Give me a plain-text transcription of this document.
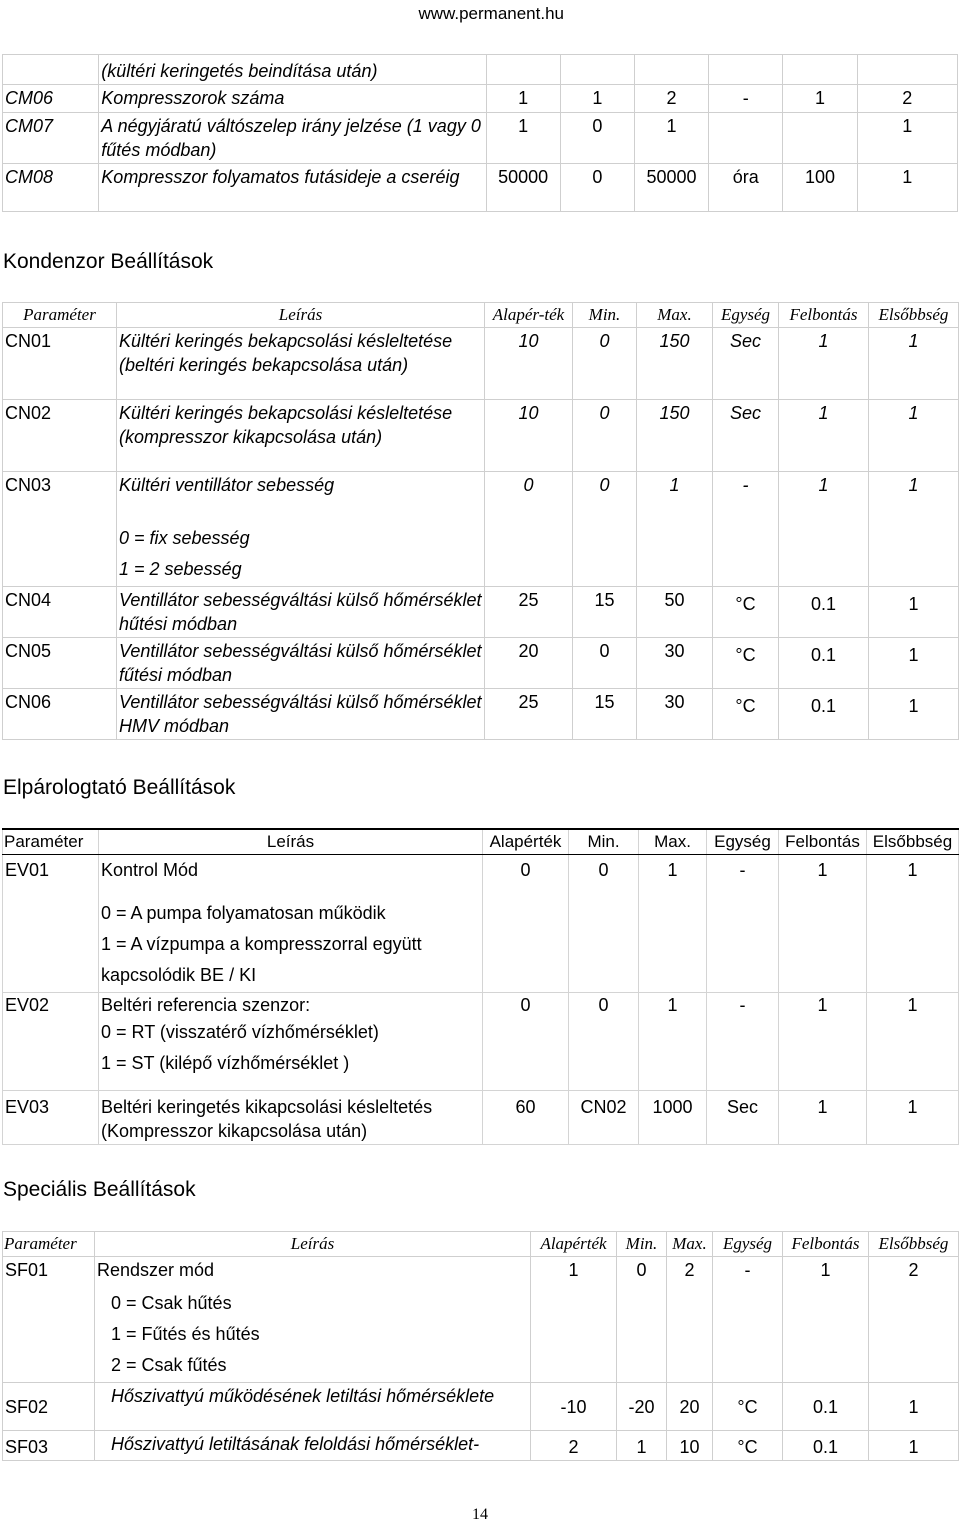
www.permanent.hu
	(kültéri keringetés beindítása után)						
CM06	Kompresszorok száma	1	1	2	-	1	2
CM07	A négyjáratú váltószelep irány jelzése (1 vagy 0 fűtés módban)	1	0	1			1
CM08	Kompresszor folyamatos futásideje a cseréig	50000	0	50000	óra	100	1
Kondenzor Beállítások
Paraméter	Leírás	Alapér-ték	Min.	Max.	Egység	Felbontás	Elsőbbség
CN01	Kültéri keringés bekapcsolási késleltetése (beltéri keringés bekapcsolása után)	10	0	150	Sec	1	1
CN02	Kültéri keringés bekapcsolási késleltetése (kompresszor kikapcsolása után)	10	0	150	Sec	1	1
CN03	Kültéri ventillátor sebesség
0 = fix sebesség
1 = 2 sebesség	0	0	1	-	1	1
CN04	Ventillátor sebességváltási külső hőmérséklet hűtési módban	25	15	50	°C	0.1	1
CN05	Ventillátor sebességváltási külső hőmérséklet fűtési módban	20	0	30	°C	0.1	1
CN06	Ventillátor sebességváltási külső hőmérséklet HMV módban	25	15	30	°C	0.1	1
Elpárologtató Beállítások
Paraméter	Leírás	Alapérték	Min.	Max.	Egység	Felbontás	Elsőbbség
EV01	Kontrol Mód
0 = A pumpa folyamatosan működik
1 = A vízpumpa a kompresszorral együtt
kapcsolódik BE / KI	0	0	1	-	1	1
EV02	Beltéri referencia szenzor:
0 = RT (visszatérő vízhőmérséklet)
1 = ST (kilépő vízhőmérséklet )	0	0	1	-	1	1
EV03	Beltéri keringetés kikapcsolási késleltetés (Kompresszor kikapcsolása után)	60	CN02	1000	Sec	1	1
Speciális Beállítások
Paraméter	Leírás	Alapérték	Min.	Max.	Egység	Felbontás	Elsőbbség
SF01	Rendszer mód
0 = Csak hűtés
1 = Fűtés és hűtés
2 = Csak fűtés	1	0	2	-	1	2
SF02	Hőszivattyú működésének letiltási hőmérséklete	-10	-20	20	°C	0.1	1
SF03	Hőszivattyú letiltásának feloldási hőmérséklet-	2	1	10	°C	0.1	1
14
